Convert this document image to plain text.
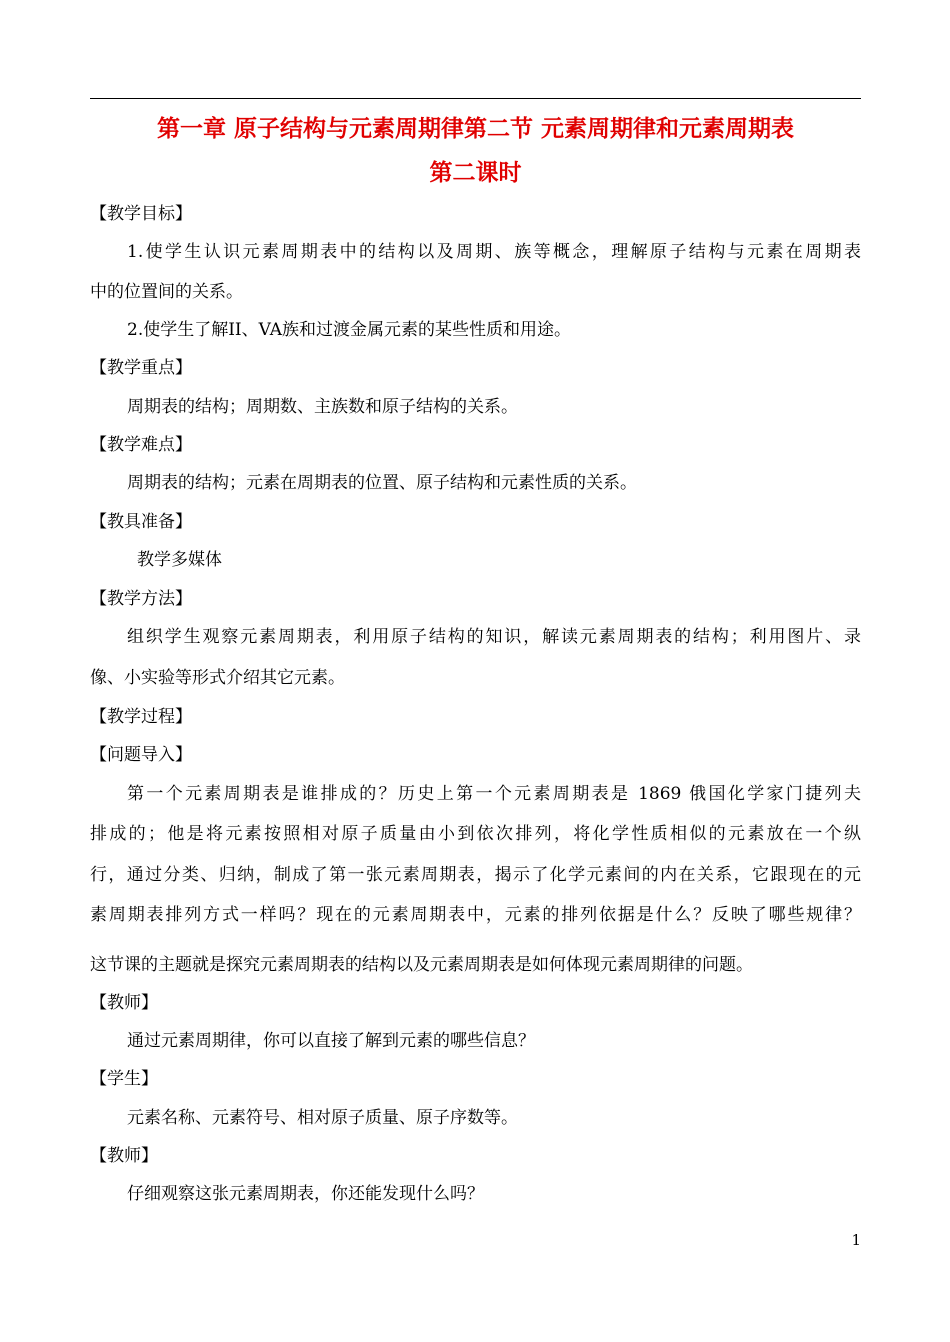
第一章 原子结构与元素周期律第二节 元素周期律和元素周期表
第二课时
【教学目标】
1.使学生认识元素周期表中的结构以及周期、族等概念，理解原子结构与元素在周期表
中的位置间的关系。
2.使学生了解II、VA族和过渡金属元素的某些性质和用途。
【教学重点】
周期表的结构；周期数、主族数和原子结构的关系。
【教学难点】
周期表的结构；元素在周期表的位置、原子结构和元素性质的关系。
【教具准备】
教学多媒体
【教学方法】
组织学生观察元素周期表，利用原子结构的知识，解读元素周期表的结构；利用图片、录
像、小实验等形式介绍其它元素。
【教学过程】
【问题导入】
第一个元素周期表是谁排成的？历史上第一个元素周期表是 1869 俄国化学家门捷列夫
排成的；他是将元素按照相对原子质量由小到依次排列，将化学性质相似的元素放在一个纵
行，通过分类、归纳，制成了第一张元素周期表，揭示了化学元素间的内在关系，它跟现在的元
素周期表排列方式一样吗？现在的元素周期表中，元素的排列依据是什么？反映了哪些规律？
这节课的主题就是探究元素周期表的结构以及元素周期表是如何体现元素周期律的问题。
【教师】
通过元素周期律，你可以直接了解到元素的哪些信息？
【学生】
元素名称、元素符号、相对原子质量、原子序数等。
【教师】
仔细观察这张元素周期表，你还能发现什么吗？
1
